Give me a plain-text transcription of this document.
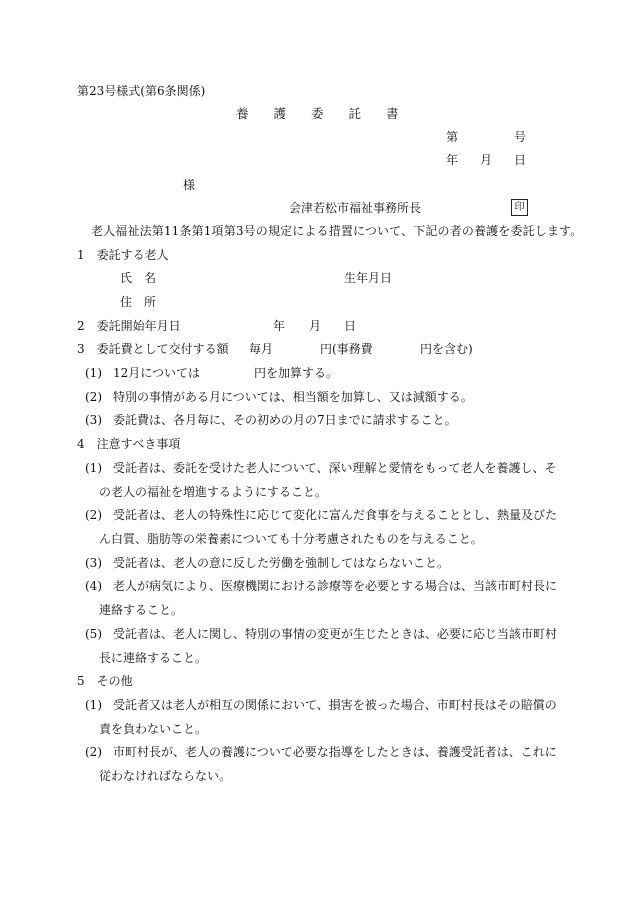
第23号様式(第6条関係)
養　　護　　委　　託　　書
第	号
年 月 日
様
会津若松市福祉事務所長	印
老人福祉法第11条第1項第3号の規定による措置について、下記の者の養護を委託します。
1　委託する老人
氏　名	生年月日
住　所
2　委託開始年月日	年 月 日
3　委託費として交付する額 毎月	円(事務費	円を含む)
(1) 12月については	円を加算する。
(2) 特別の事情がある月については、相当額を加算し、又は減額する。
(3) 委託費は、各月毎に、その初めの月の7日までに請求すること。
4　注意すべき事項
(1) 受託者は、委託を受けた老人について、深い理解と愛情をもって老人を養護し、そ
の老人の福祉を増進するようにすること。
(2) 受託者は、老人の特殊性に応じて変化に富んだ食事を与えることとし、熱量及びた
ん白質、脂肪等の栄養素についても十分考慮されたものを与えること。
(3) 受託者は、老人の意に反した労働を強制してはならないこと。
(4) 老人が病気により、医療機関における診療等を必要とする場合は、当該市町村長に
連絡すること。
(5) 受託者は、老人に関し、特別の事情の変更が生じたときは、必要に応じ当該市町村
長に連絡すること。
5　その他
(1) 受託者又は老人が相互の関係において、損害を被った場合、市町村長はその賠償の
責を負わないこと。
(2) 市町村長が、老人の養護について必要な指導をしたときは、養護受託者は、これに
従わなければならない。
